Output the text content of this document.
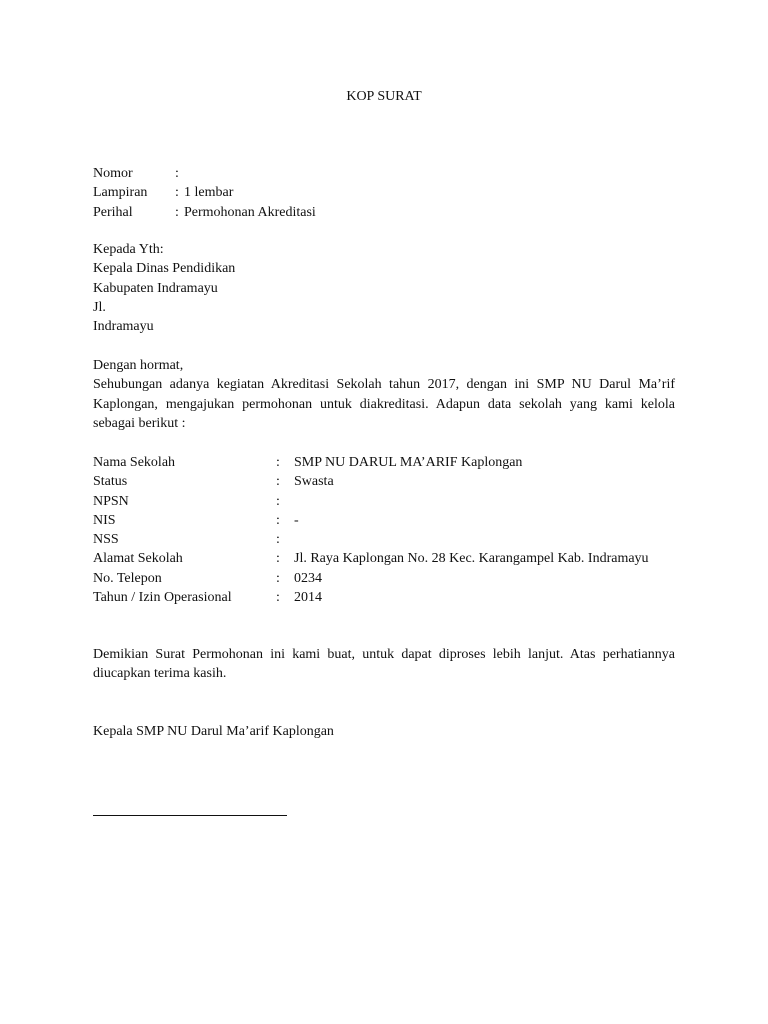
KOP SURAT
Nomor	:
Lampiran	: 1 lembar
Perihal	: Permohonan Akreditasi
Kepada Yth:
Kepala Dinas Pendidikan
Kabupaten Indramayu
Jl.
Indramayu
Dengan hormat,
Sehubungan adanya kegiatan Akreditasi Sekolah tahun 2017, dengan ini SMP NU Darul Ma’rif Kaplongan, mengajukan permohonan untuk diakreditasi. Adapun data sekolah yang kami kelola sebagai berikut :
Nama Sekolah	:	SMP NU DARUL MA’ARIF Kaplongan
Status	:	Swasta
NPSN	:
NIS	:	-
NSS	:
Alamat Sekolah	:	Jl. Raya Kaplongan No. 28 Kec. Karangampel Kab. Indramayu
No. Telepon	:	0234
Tahun / Izin Operasional	:	2014
Demikian Surat Permohonan ini kami buat, untuk dapat diproses lebih lanjut. Atas perhatiannya diucapkan terima kasih.
Kepala SMP NU Darul Ma’arif Kaplongan
